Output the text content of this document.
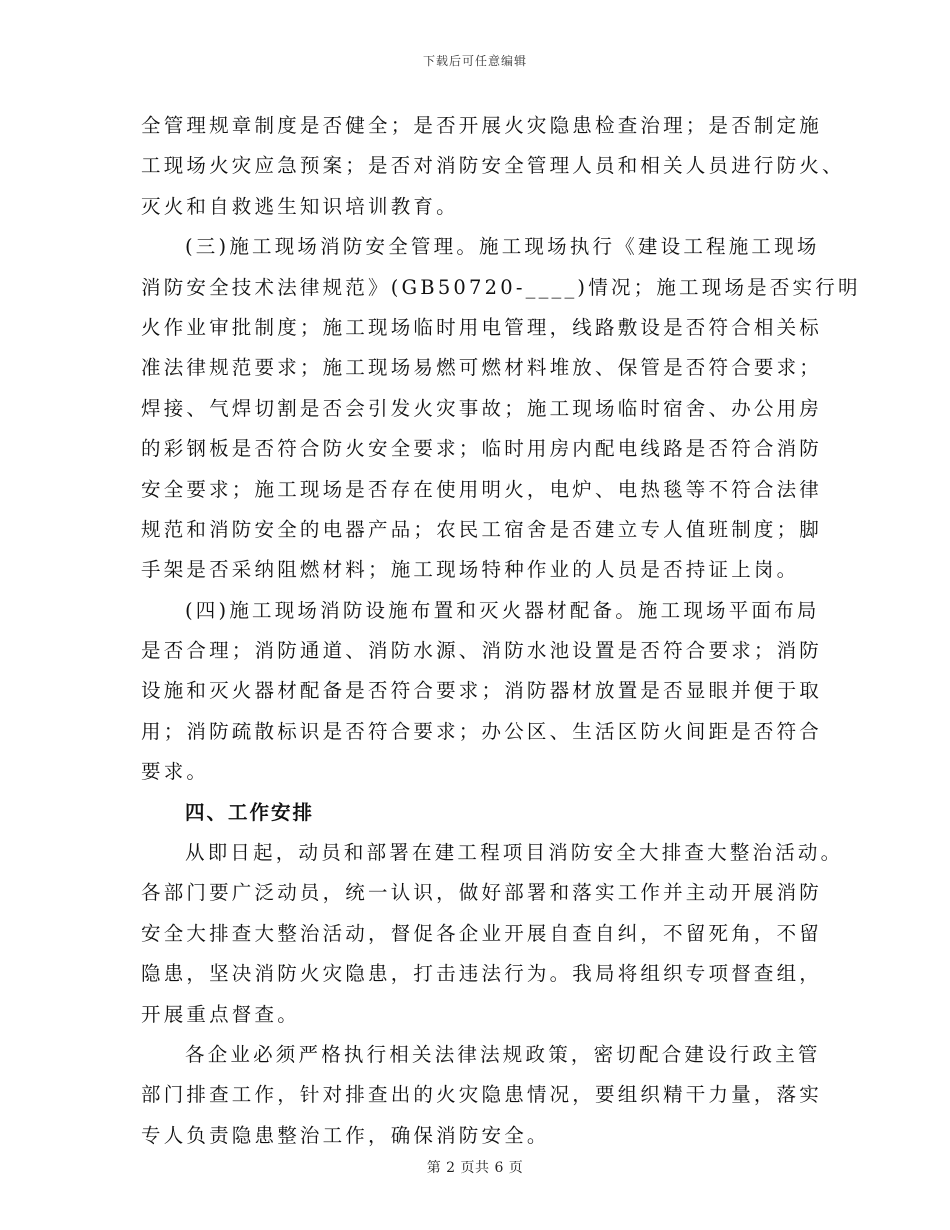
下载后可任意编辑
全管理规章制度是否健全；是否开展火灾隐患检查治理；是否制定施
工现场火灾应急预案；是否对消防安全管理人员和相关人员进行防火、
灭火和自救逃生知识培训教育。
(三)施工现场消防安全管理。施工现场执行《建设工程施工现场
消防安全技术法律规范》(GB50720-____)情况；施工现场是否实行明
火作业审批制度；施工现场临时用电管理，线路敷设是否符合相关标
准法律规范要求；施工现场易燃可燃材料堆放、保管是否符合要求；
焊接、气焊切割是否会引发火灾事故；施工现场临时宿舍、办公用房
的彩钢板是否符合防火安全要求；临时用房内配电线路是否符合消防
安全要求；施工现场是否存在使用明火，电炉、电热毯等不符合法律
规范和消防安全的电器产品；农民工宿舍是否建立专人值班制度；脚
手架是否采纳阻燃材料；施工现场特种作业的人员是否持证上岗。
(四)施工现场消防设施布置和灭火器材配备。施工现场平面布局
是否合理；消防通道、消防水源、消防水池设置是否符合要求；消防
设施和灭火器材配备是否符合要求；消防器材放置是否显眼并便于取
用；消防疏散标识是否符合要求；办公区、生活区防火间距是否符合
要求。
四、工作安排
从即日起，动员和部署在建工程项目消防安全大排查大整治活动。
各部门要广泛动员，统一认识，做好部署和落实工作并主动开展消防
安全大排查大整治活动，督促各企业开展自查自纠，不留死角，不留
隐患，坚决消防火灾隐患，打击违法行为。我局将组织专项督查组，
开展重点督查。
各企业必须严格执行相关法律法规政策，密切配合建设行政主管
部门排查工作，针对排查出的火灾隐患情况，要组织精干力量，落实
专人负责隐患整治工作，确保消防安全。
第 2 页共 6 页
